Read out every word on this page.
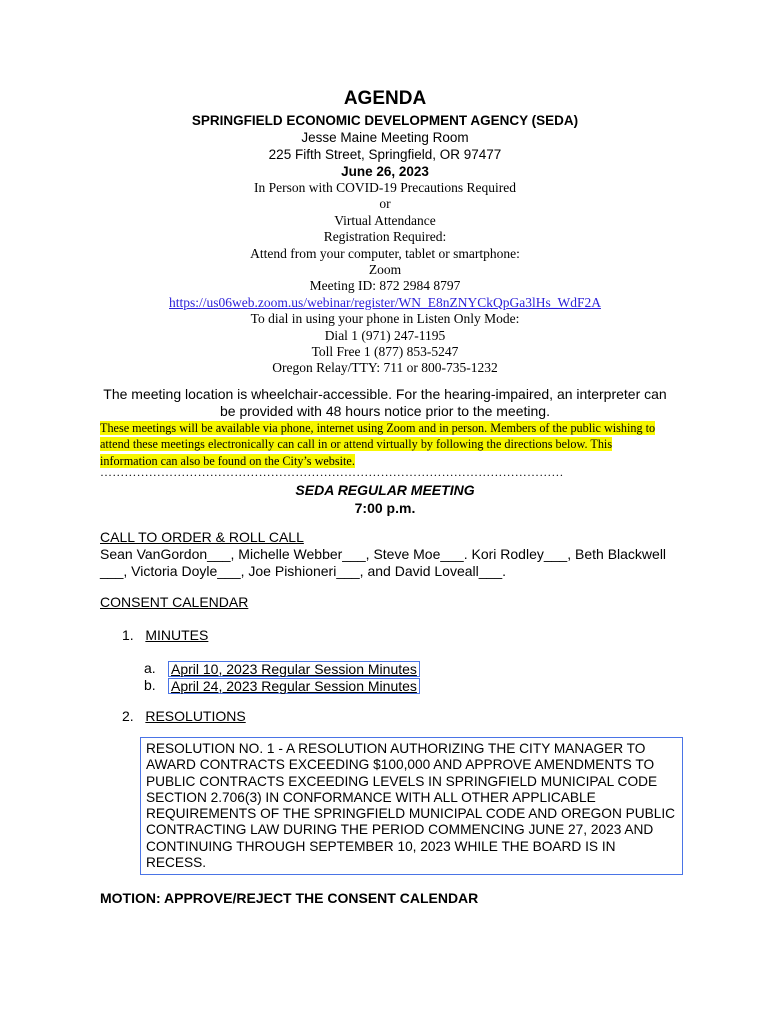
AGENDA
SPRINGFIELD ECONOMIC DEVELOPMENT AGENCY (SEDA)
Jesse Maine Meeting Room
225 Fifth Street, Springfield, OR 97477
June 26, 2023
In Person with COVID-19 Precautions Required
or
Virtual Attendance
Registration Required:
Attend from your computer, tablet or smartphone:
Zoom
Meeting ID: 872 2984 8797
https://us06web.zoom.us/webinar/register/WN_E8nZNYCkQpGa3lHs_WdF2A
To dial in using your phone in Listen Only Mode:
Dial 1 (971) 247-1195
Toll Free 1 (877) 853-5247
Oregon Relay/TTY: 711 or 800-735-1232
The meeting location is wheelchair-accessible. For the hearing-impaired, an interpreter can be provided with 48 hours notice prior to the meeting.
These meetings will be available via phone, internet using Zoom and in person. Members of the public wishing to
attend these meetings electronically can call in or attend virtually by following the directions below. This
information can also be found on the City’s website.
……………………………………………………………………………………………………
SEDA REGULAR MEETING
7:00 p.m.
CALL TO ORDER & ROLL CALL
Sean VanGordon___, Michelle Webber___, Steve Moe___. Kori Rodley___, Beth Blackwell ___, Victoria Doyle___, Joe Pishioneri___, and David Loveall___.
CONSENT CALENDAR
1. MINUTES
a.	April 10, 2023 Regular Session Minutes
b.	April 24, 2023 Regular Session Minutes
2. RESOLUTIONS
RESOLUTION NO. 1 - A RESOLUTION AUTHORIZING THE CITY MANAGER TO AWARD CONTRACTS EXCEEDING $100,000 AND APPROVE AMENDMENTS TO PUBLIC CONTRACTS EXCEEDING LEVELS IN SPRINGFIELD MUNICIPAL CODE SECTION 2.706(3) IN CONFORMANCE WITH ALL OTHER APPLICABLE REQUIREMENTS OF THE SPRINGFIELD MUNICIPAL CODE AND OREGON PUBLIC CONTRACTING LAW DURING THE PERIOD COMMENCING JUNE 27, 2023 AND CONTINUING THROUGH SEPTEMBER 10, 2023 WHILE THE BOARD IS IN RECESS.
MOTION: APPROVE/REJECT THE CONSENT CALENDAR
